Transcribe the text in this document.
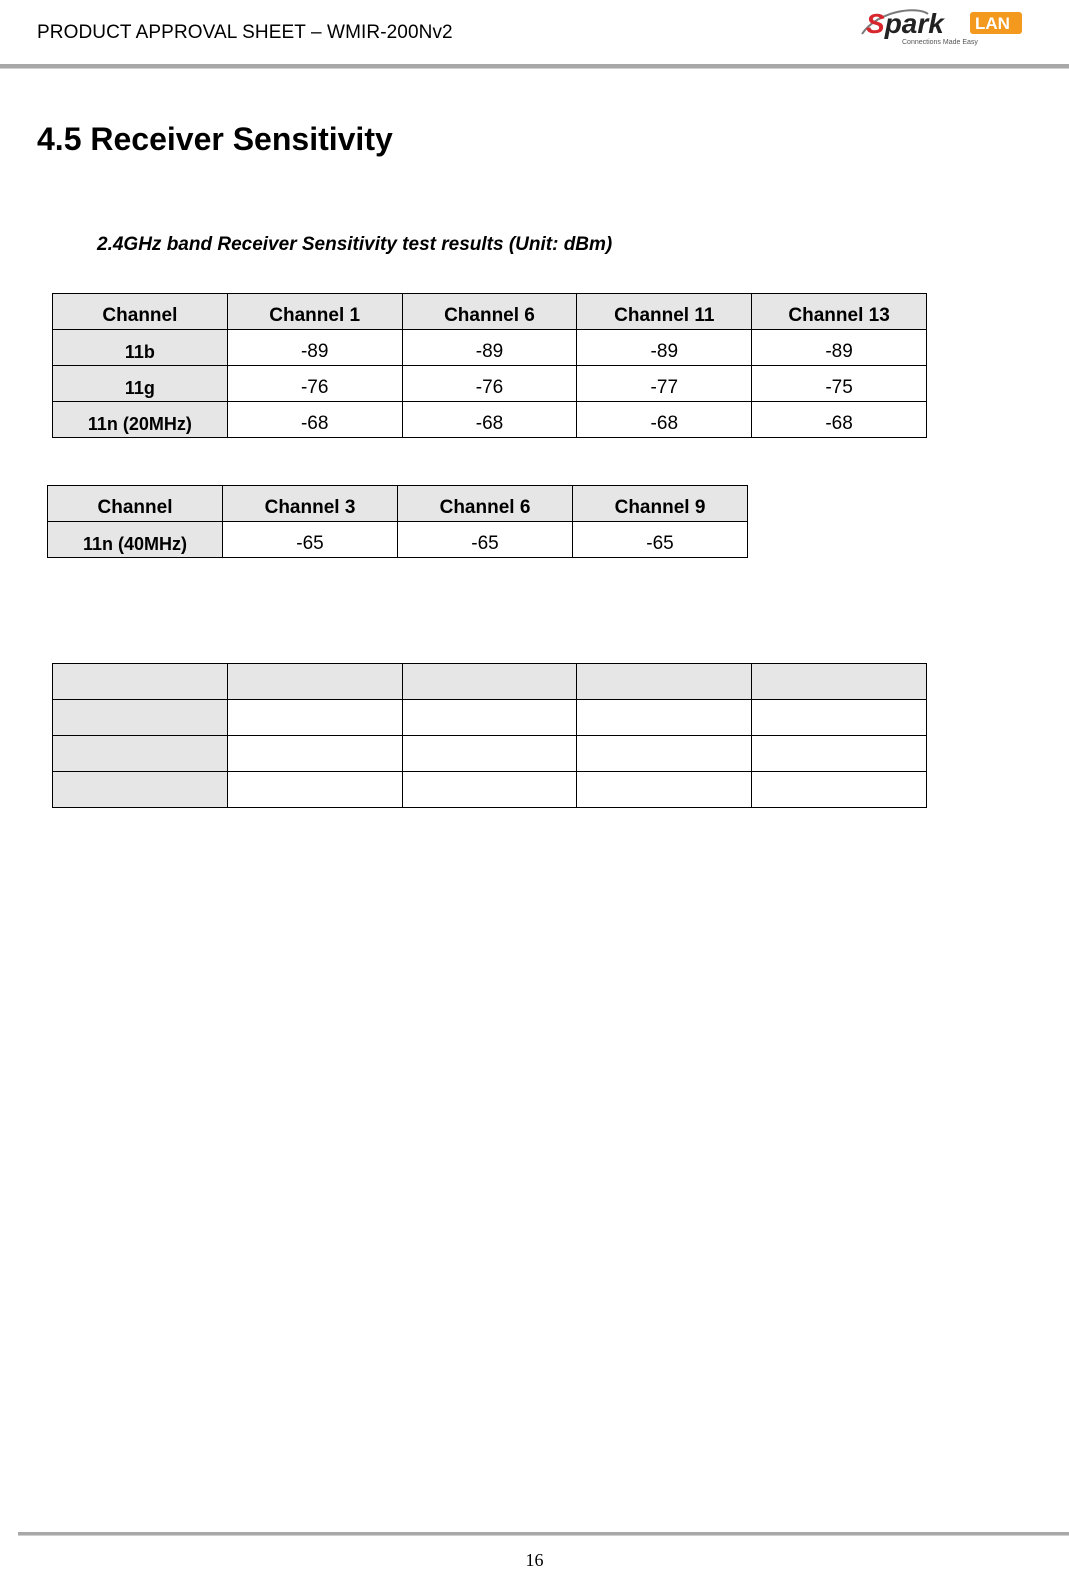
PRODUCT APPROVAL SHEET – WMIR-200Nv2	Spark LAN
Connections Made Easy
4.5 Receiver Sensitivity
2.4GHz band Receiver Sensitivity test results (Unit: dBm)
Channel	Channel 1	Channel 6	Channel 11	Channel 13
11b	-89	-89	-89	-89
11g	-76	-76	-77	-75
11n (20MHz)	-68	-68	-68	-68
Channel	Channel 3	Channel 6	Channel 9
11n (40MHz)	-65	-65	-65

16
